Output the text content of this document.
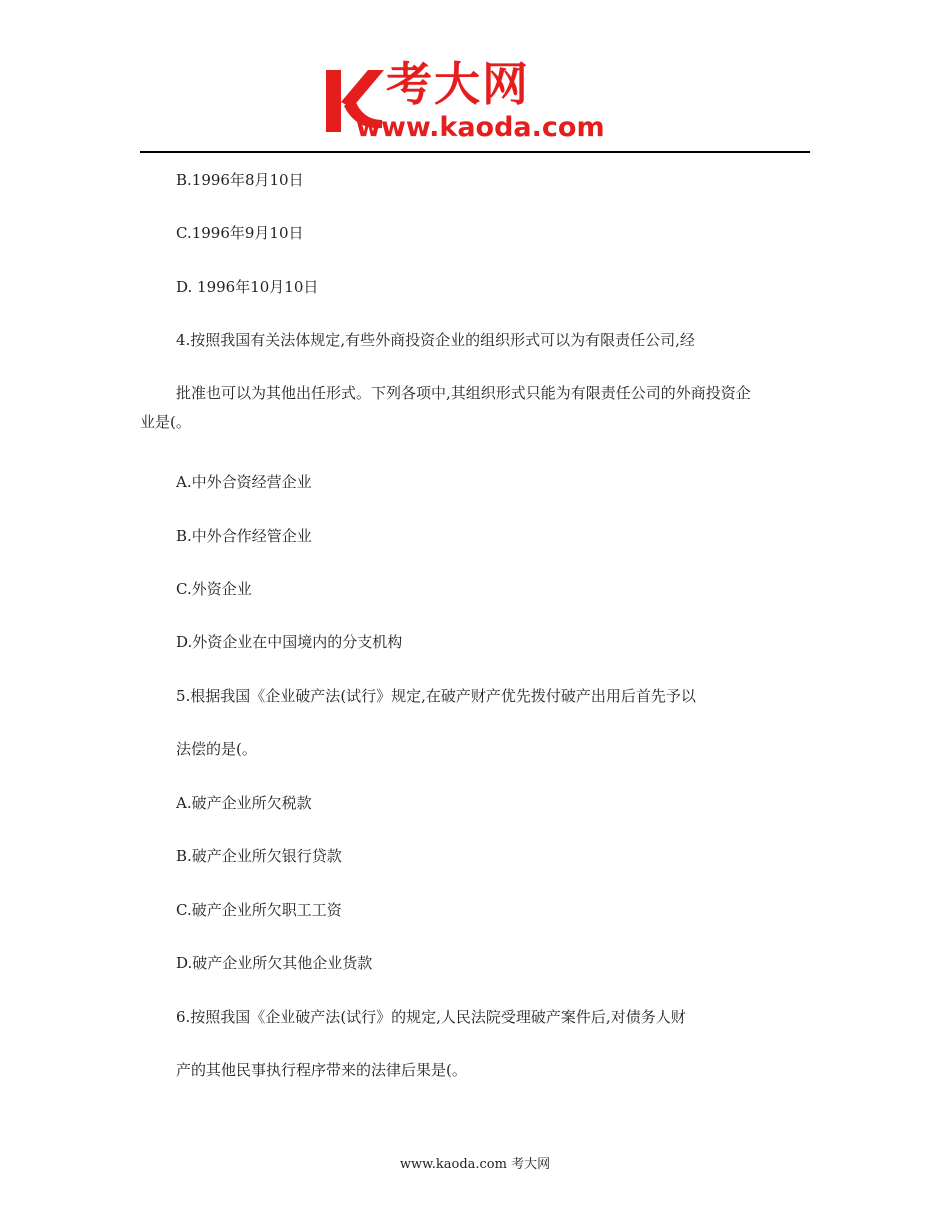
考大网
www.kaoda.com
B.1996年8月10日
C.1996年9月10日
D. 1996年10月10日
4.按照我国有关法体规定,有些外商投资企业的组织形式可以为有限责任公司,经
批准也可以为其他出任形式。下列各项中,其组织形式只能为有限责任公司的外商投资企
业是(。
A.中外合资经营企业
B.中外合作经管企业
C.外资企业
D.外资企业在中国境内的分支机构
5.根据我国《企业破产法(试行》规定,在破产财产优先拨付破产出用后首先予以
法偿的是(。
A.破产企业所欠税款
B.破产企业所欠银行贷款
C.破产企业所欠职工工资
D.破产企业所欠其他企业货款
6.按照我国《企业破产法(试行》的规定,人民法院受理破产案件后,对债务人财
产的其他民事执行程序带来的法律后果是(。
www.kaoda.com 考大网
